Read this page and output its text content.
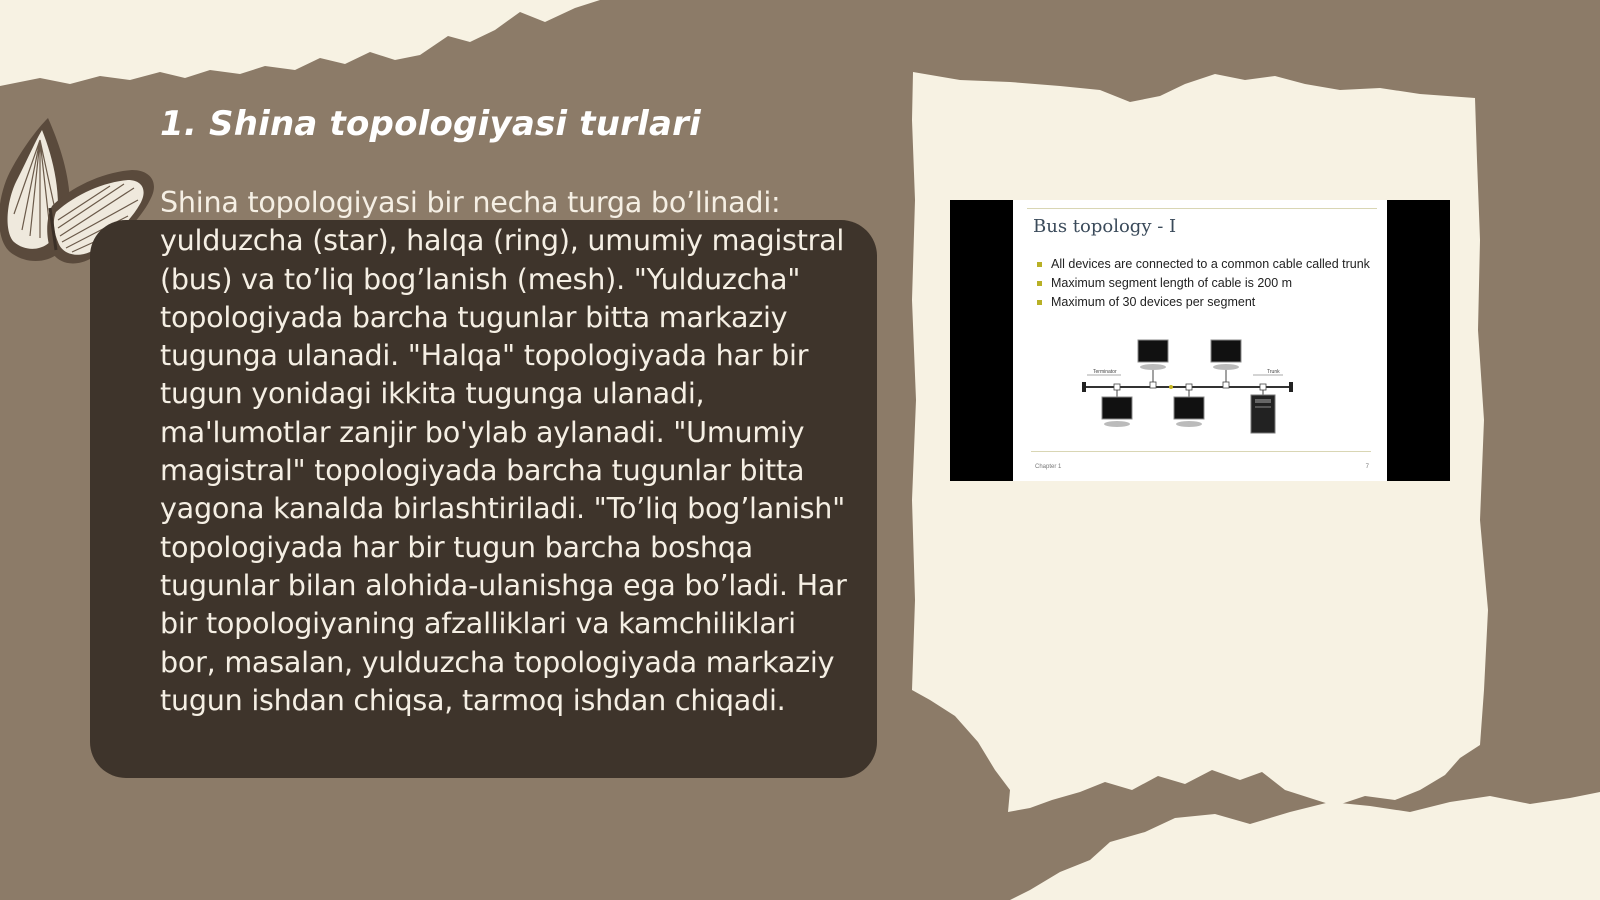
1. Shina topologiyasi turlari

Shina topologiyasi bir necha turga bo’linadi: yulduzcha (star), halqa (ring), umumiy magistral (bus) va to’liq bog’lanish (mesh). "Yulduzcha" topologiyada barcha tugunlar bitta markaziy tugunga ulanadi. "Halqa" topologiyada har bir tugun yonidagi ikkita tugunga ulanadi, ma'lumotlar zanjir bo'ylab aylanadi. "Umumiy magistral" topologiyada barcha tugunlar bitta yagona kanalda birlashtiriladi. "To’liq bog’lanish" topologiyada har bir tugun barcha boshqa tugunlar bilan alohida-ulanishga ega bo’ladi. Har bir topologiyaning afzalliklari va kamchiliklari bor, masalan, yulduzcha topologiyada markaziy tugun ishdan chiqsa, tarmoq ishdan chiqadi.

Bus topology - I
All devices are connected to a common cable called trunk
Maximum segment length of cable is 200 m
Maximum of 30 devices per segment
Terminator	Trunk
Chapter 1	7
